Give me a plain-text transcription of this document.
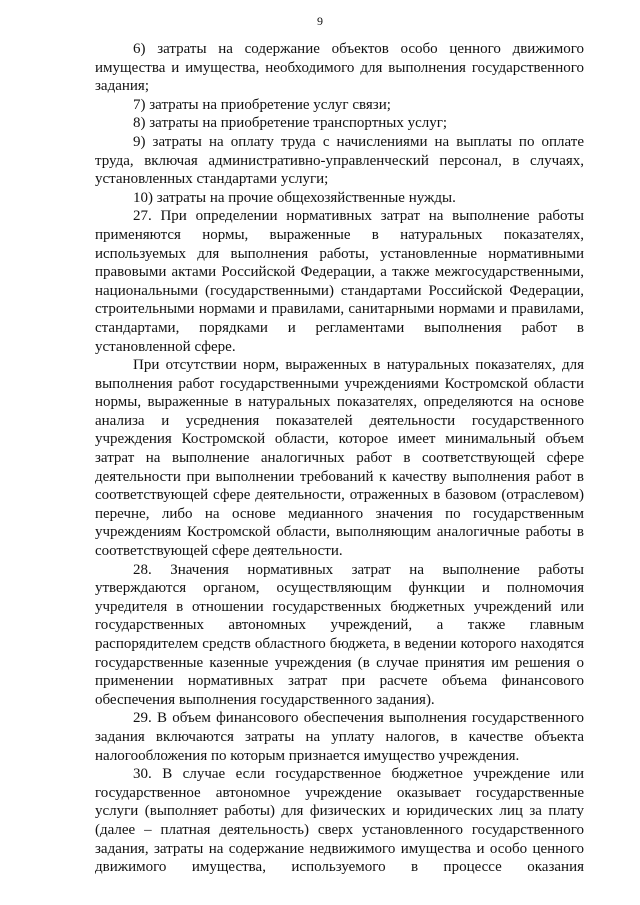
9

6) затраты на содержание объектов особо ценного движимого имущества и имущества, необходимого для выполнения государственного задания;

7) затраты на приобретение услуг связи;

8) затраты на приобретение транспортных услуг;

9) затраты на оплату труда с начислениями на выплаты по оплате труда, включая административно-управленческий персонал, в случаях, установленных стандартами услуги;

10) затраты на прочие общехозяйственные нужды.

27. При определении нормативных затрат на выполнение работы применяются нормы, выраженные в натуральных показателях, используемых для выполнения работы, установленные нормативными правовыми актами Российской Федерации, а также межгосударственными, национальными (государственными) стандартами Российской Федерации, строительными нормами и правилами, санитарными нормами и правилами, стандартами, порядками и регламентами выполнения работ в установленной сфере.

При отсутствии норм, выраженных в натуральных показателях, для выполнения работ государственными учреждениями Костромской области нормы, выраженные в натуральных показателях, определяются на основе анализа и усреднения показателей деятельности государственного учреждения Костромской области, которое имеет минимальный объем затрат на выполнение аналогичных работ в соответствующей сфере деятельности при выполнении требований к качеству выполнения работ в соответствующей сфере деятельности, отраженных в базовом (отраслевом) перечне, либо на основе медианного значения по государственным учреждениям Костромской области, выполняющим аналогичные работы в соответствующей сфере деятельности.

28. Значения нормативных затрат на выполнение работы утверждаются органом, осуществляющим функции и полномочия учредителя в отношении государственных бюджетных учреждений или государственных автономных учреждений, а также главным распорядителем средств областного бюджета, в ведении которого находятся государственные казенные учреждения (в случае принятия им решения о применении нормативных затрат при расчете объема финансового обеспечения выполнения государственного задания).

29. В объем финансового обеспечения выполнения государственного задания включаются затраты на уплату налогов, в качестве объекта налогообложения по которым признается имущество учреждения.

30. В случае если государственное бюджетное учреждение или государственное автономное учреждение оказывает государственные услуги (выполняет работы) для физических и юридических лиц за плату (далее – платная деятельность) сверх установленного государственного задания, затраты на содержание недвижимого имущества и особо ценного движимого имущества, используемого в процессе оказания
